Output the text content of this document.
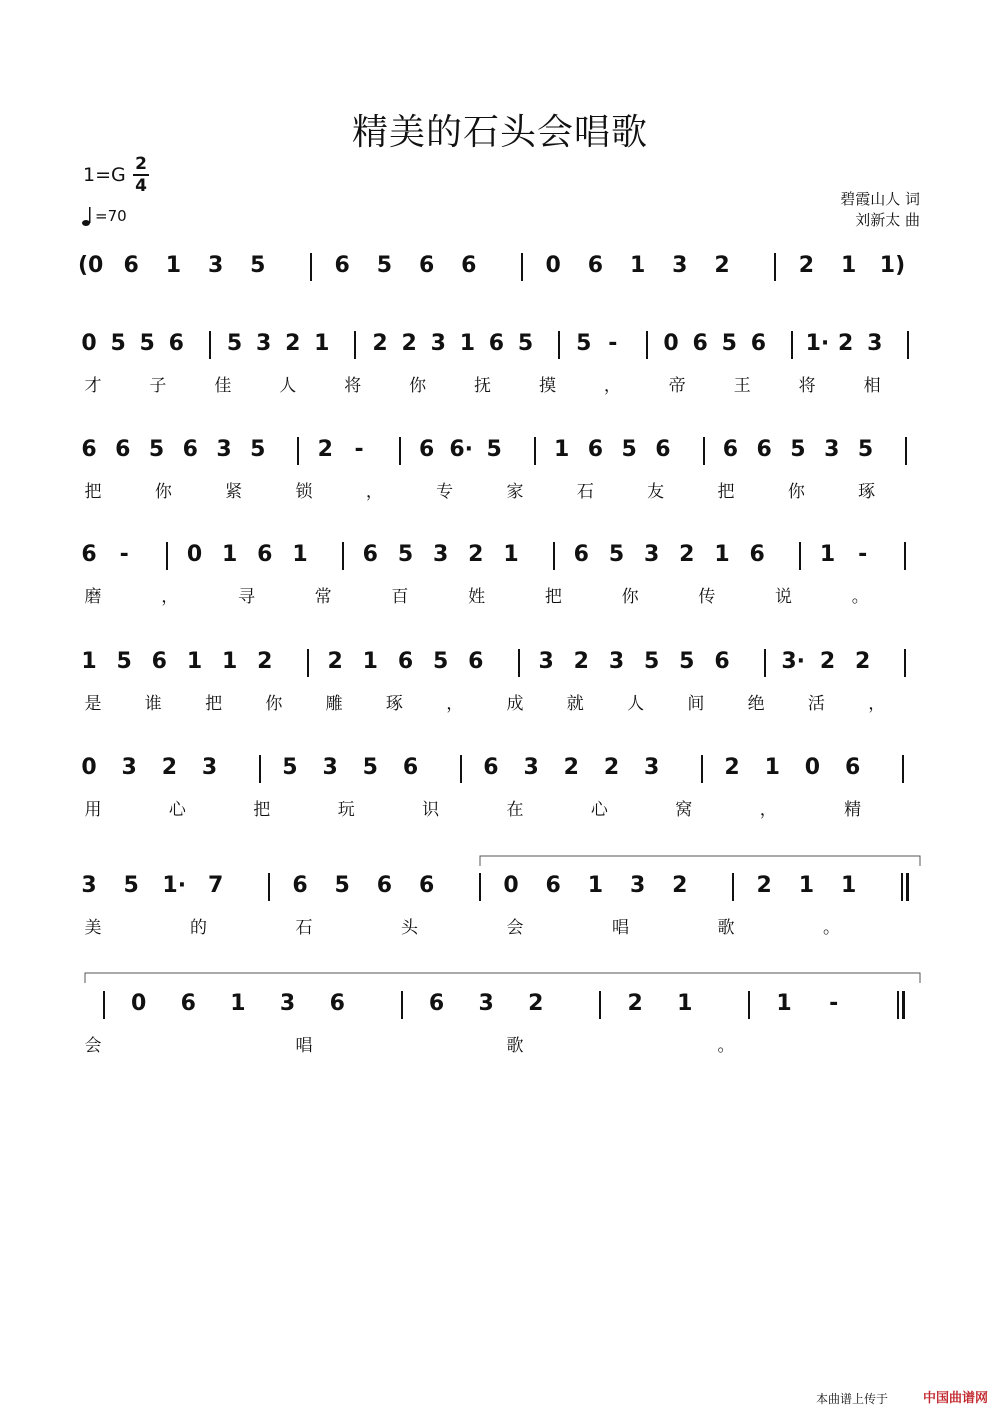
精美的石头会唱歌
1=G 2
4
=70
碧霞山人 词
刘新太 曲
(0 6 1 3 5	6 5 6 6	0 6 1 3 2	2 1 1)
0 5 5 6 5 3 2 1 2 2 3 1 6 5 5 - 0 6 5 6 1· 2 3
才	子	佳	人	将	你	抚	摸	，	帝	王	将	相
6 6 5 6 3 5 2 -	6 6· 5 1 6 5 6 6 6 5 3 5
把	你	紧	锁	，	专	家	石	友	把	你	琢
6 -	0 1 6 1	6 5 3 2 1	6 5 3 2 1 6	1 -
磨	，	寻	常	百	姓	把	你	传	说	。
1 5 6 1 1 2	2 1 6 5 6	3 2 3 5 5 6 3· 2 2
是	谁	把	你	雕	琢	，	成	就	人	间	绝	活	，
0 3 2 3	5 3 5 6	6 3 2 2 3	2 1 0 6
用	心	把	玩	识	在	心	窝	，	精
3 5 1· 7	6 5 6 6	0 6 1 3 2	2 1 1
美	的	石	头	会	唱	歌	。
0 6 1 3 6	6 3 2	2 1	1 -
会	唱	歌	。
本曲谱上传于	中国曲谱网
